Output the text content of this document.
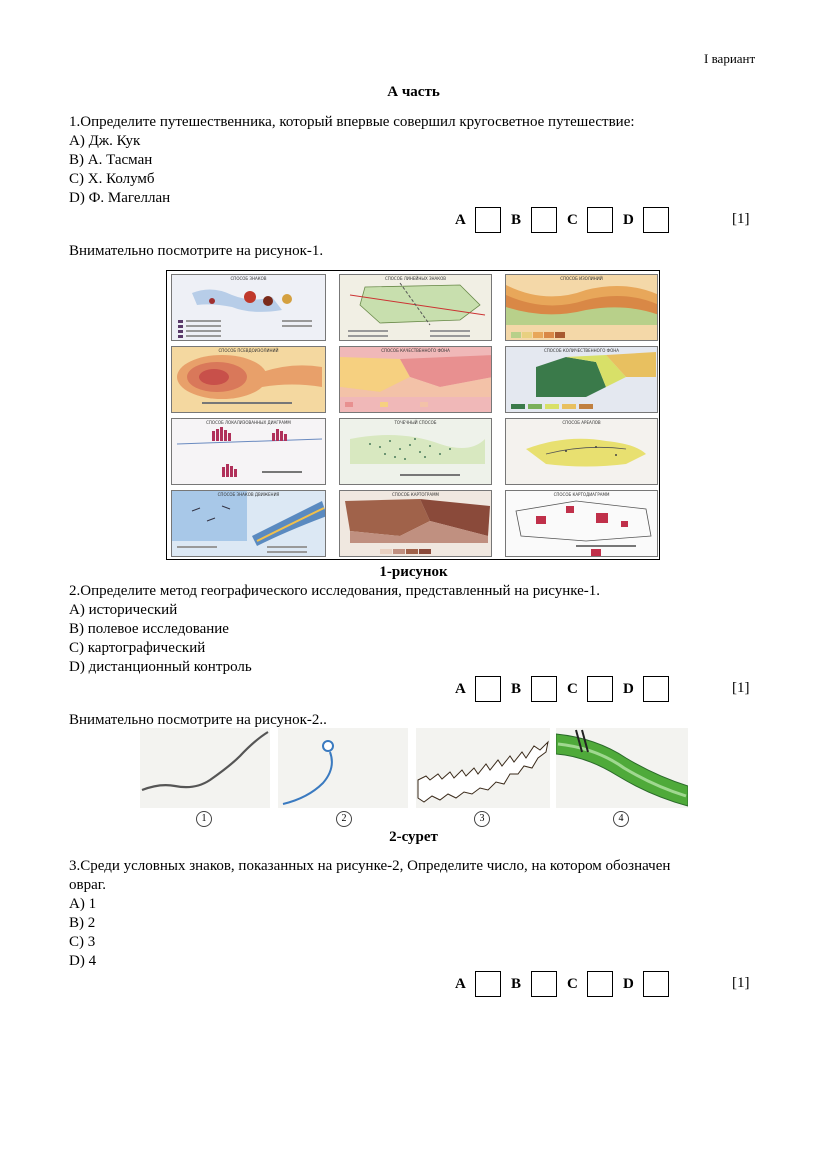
I вариант
А часть
1.Определите путешественника, который впервые совершил кругосветное путешествие:
A) Дж. Кук
B) А. Тасман
C) Х. Колумб
D) Ф. Магеллан
A	B	C	D	[1]
Внимательно посмотрите на рисунок-1.
СПОСОБ ЗНАКОВ	СПОСОБ ЛИНЕЙНЫХ ЗНАКОВ	СПОСОБ ИЗОЛИНИЙ
СПОСОБ ПСЕВДОИЗОЛИНИЙ	СПОСОБ КАЧЕСТВЕННОГО ФОНА	СПОСОБ КОЛИЧЕСТВЕННОГО ФОНА
СПОСОБ ЛОКАЛИЗОВАННЫХ ДИАГРАММ	ТОЧЕЧНЫЙ СПОСОБ	СПОСОБ АРЕАЛОВ
СПОСОБ ЗНАКОВ ДВИЖЕНИЯ	СПОСОБ КАРТОГРАММ	СПОСОБ КАРТОДИАГРАММ
1-рисунок
2.Определите метод географического исследования, представленный на рисунке-1.
A) исторический
B) полевое исследование
C) картографический
D) дистанционный контроль
A	B	C	D	[1]
Внимательно посмотрите на рисунок-2..
1	2	3	4
2-сурет
3.Среди условных знаков, показанных на рисунке-2, Определите число, на котором обозначен
овраг.
A) 1
B) 2
C) 3
D) 4
A	B	C	D	[1]
